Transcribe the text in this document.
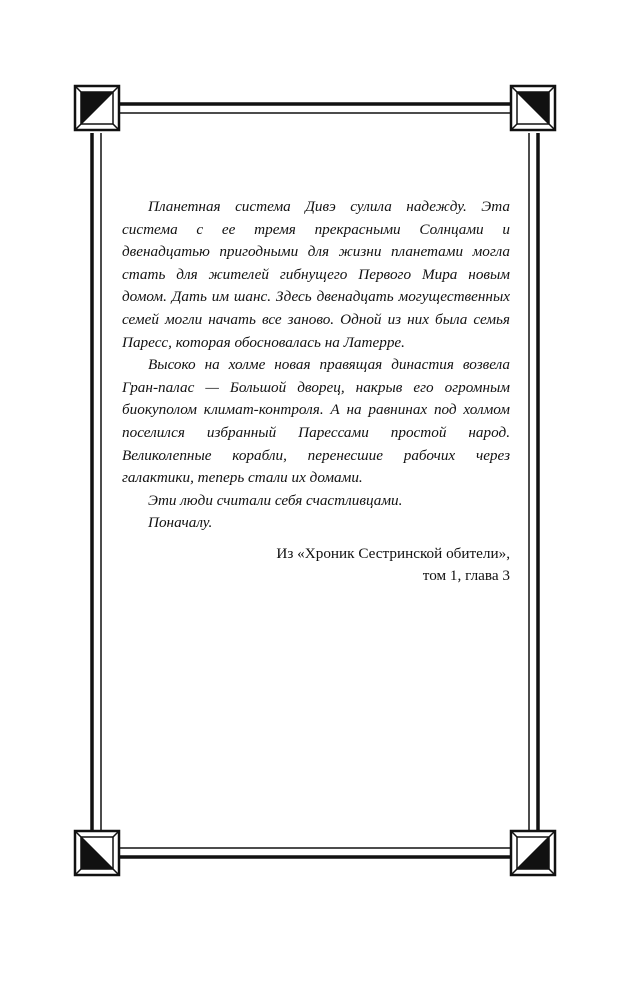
Планетная система Дивэ сулила надежду. Эта система с ее тремя прекрасными Солнцами и двенадцатью пригодными для жизни планетами могла стать для жителей гибнущего Первого Мира новым домом. Дать им шанс. Здесь двенадцать могущественных семей могли начать все заново. Одной из них была семья Паресс, которая обосновалась на Латерре.

Высоко на холме новая правящая династия возвела Гран-палас — Большой дворец, накрыв его огромным биокуполом климат-контроля. А на равнинах под холмом поселился избранный Парессами простой народ. Великолепные корабли, перенесшие рабочих через галактики, теперь стали их домами.

Эти люди считали себя счастливцами.

Поначалу.

Из «Хроник Сестринской обители»,
том 1, глава 3
